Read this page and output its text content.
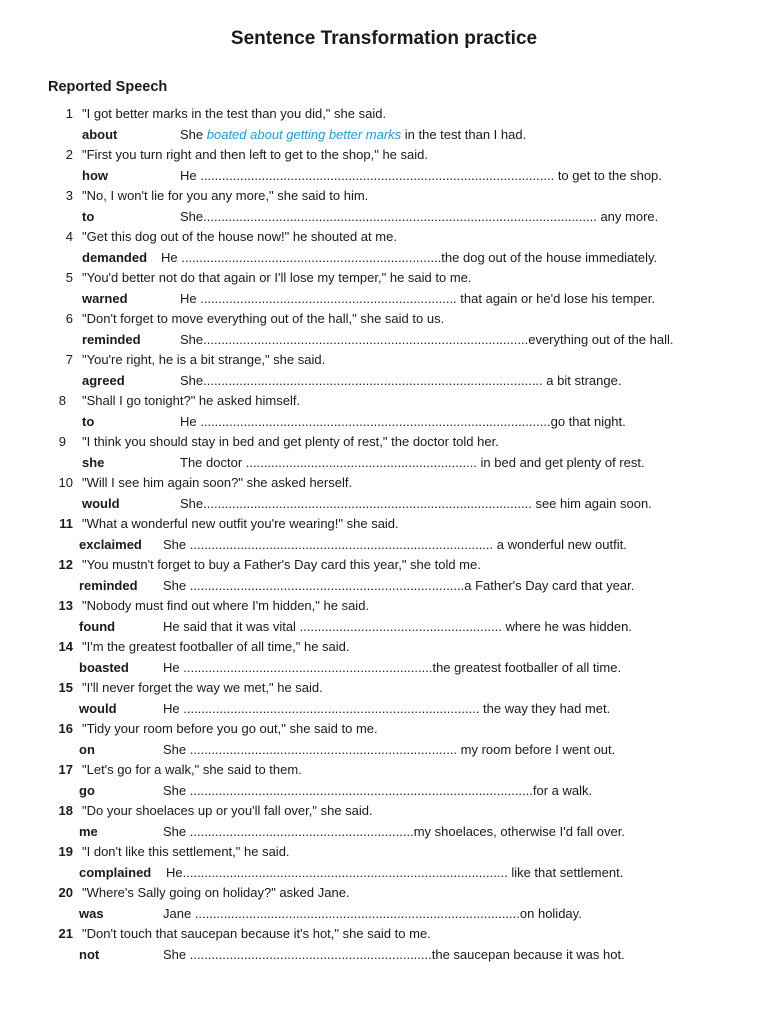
Sentence Transformation practice
Reported Speech
1 "I got better marks in the test than you did," she said.
about	She boated about getting better marks in the test than I had.
2 "First you turn right and then left to get to the shop," he said.
how	He .................................................................................................. to get to the shop.
3 "No, I won't lie for you any more," she said to him.
to	She............................................................................................................. any more.
4 "Get this dog out of the house now!" he shouted at me.
demanded He ........................................................................the dog out of the house immediately.
5 "You'd better not do that again or I'll lose my temper," he said to me.
warned	He ....................................................................... that again or he'd lose his temper.
6 "Don't forget to move everything out of the hall," she said to us.
reminded	She..........................................................................................everything out of the hall.
7 "You're right, he is a bit strange," she said.
agreed	She.............................................................................................. a bit strange.
8 "Shall I go tonight?" he asked himself.
to	He .................................................................................................go that night.
9 "I think you should stay in bed and get plenty of rest," the doctor told her.
she	The doctor ................................................................ in bed and get plenty of rest.
10 "Will I see him again soon?" she asked herself.
would	She........................................................................................... see him again soon.
11 "What a wonderful new outfit you're wearing!" she said.
exclaimed She .................................................................................... a wonderful new outfit.
12 "You mustn't forget to buy a Father's Day card this year," she told me.
reminded She ............................................................................a Father's Day card that year.
13 "Nobody must find out where I'm hidden," he said.
found	He said that it was vital ........................................................ where he was hidden.
14 "I'm the greatest footballer of all time," he said.
boasted	He .....................................................................the greatest footballer of all time.
15 "I'll never forget the way we met," he said.
would	He .................................................................................. the way they had met.
16 "Tidy your room before you go out," she said to me.
on	She .......................................................................... my room before I went out.
17 "Let's go for a walk," she said to them.
go	She ...............................................................................................for a walk.
18 "Do your shoelaces up or you'll fall over," she said.
me	She ..............................................................my shoelaces, otherwise I'd fall over.
19 "I don't like this settlement," he said.
complained He.......................................................................................... like that settlement.
20 "Where's Sally going on holiday?" asked Jane.
was	Jane ..........................................................................................on holiday.
21 "Don't touch that saucepan because it's hot," she said to me.
not	She ...................................................................the saucepan because it was hot.
